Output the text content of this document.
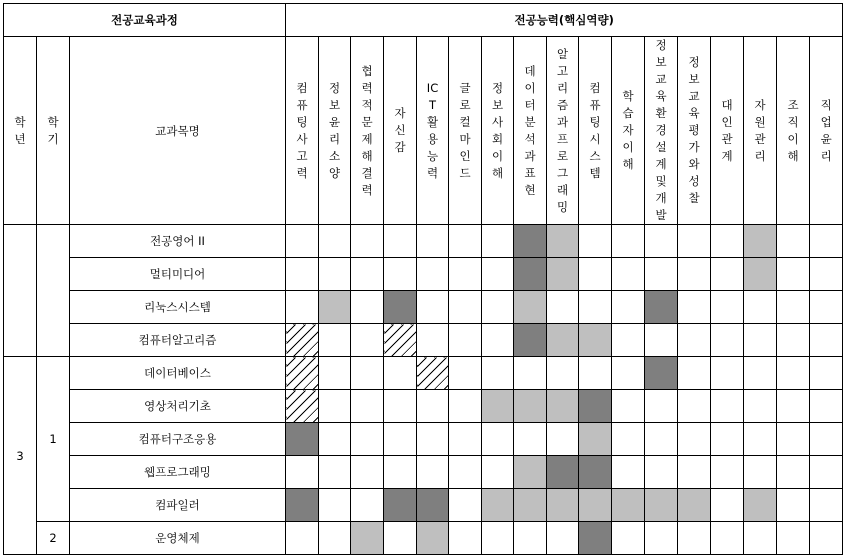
전공교육과정			전공능력(핵심역량)																
학년	학기	교과목명	컴퓨팅사고력	정보윤리소양	협력적문제해결력	자신감	ICT활용능력	글로컬마인드	정보사회이해	데이터분석과표현	알고리즘과프로그래밍	컴퓨팅시스템	학습자이해	정보교육환경설계및개발	정보교육평가와성찰	대인관계	자원관리	조직이해	직업윤리
		전공영어 II																	
		멀티미디어																	
		리눅스시스템																	
		컴퓨터알고리즘																	
3	1	데이터베이스																	
		영상처리기초																	
		컴퓨터구조응용																	
		웹프로그래밍																	
		컴파일러																	
	2	운영체제																	
